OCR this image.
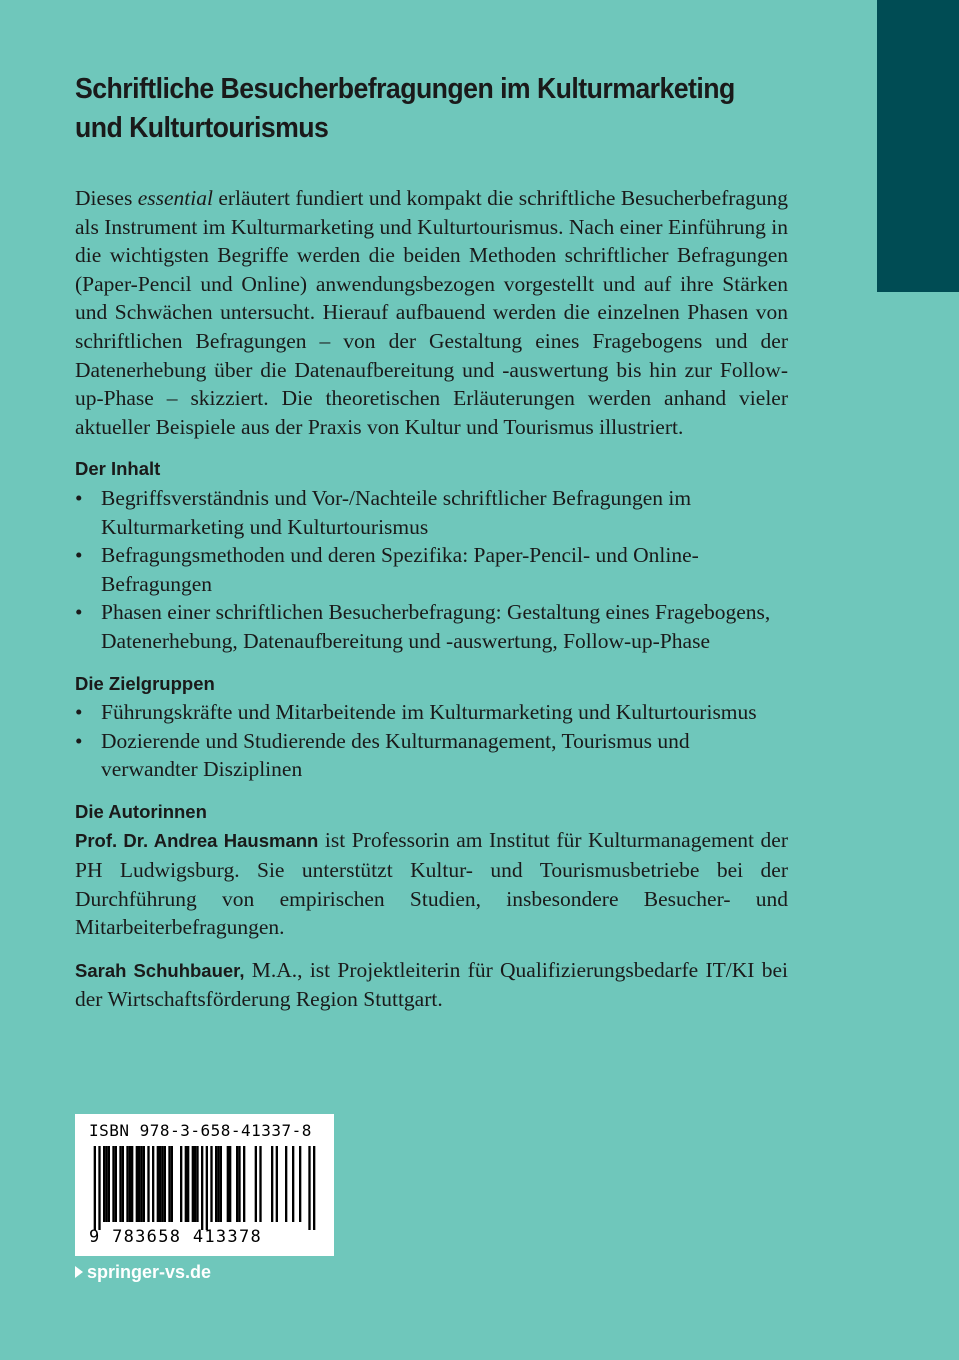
Schriftliche Besucherbefragungen im Kulturmarketing und Kulturtourismus

Dieses essential erläutert fundiert und kompakt die schriftliche Besucherbefragung als Instrument im Kulturmarketing und Kulturtourismus. Nach einer Einführung in die wichtigsten Begriffe werden die beiden Methoden schriftlicher Befragungen (Paper-Pencil und Online) anwendungsbezogen vorgestellt und auf ihre Stärken und Schwächen untersucht. Hierauf aufbauend werden die einzelnen Phasen von schriftlichen Befragungen – von der Gestaltung eines Fragebogens und der Datenerhebung über die Datenaufbereitung und -auswertung bis hin zur Follow-up-Phase – skizziert. Die theoretischen Erläuterungen werden anhand vieler aktueller Beispiele aus der Praxis von Kultur und Tourismus illustriert.

Der Inhalt
• Begriffsverständnis und Vor-/Nachteile schriftlicher Befragungen im Kulturmarketing und Kulturtourismus
• Befragungsmethoden und deren Spezifika: Paper-Pencil- und Online-Befragungen
• Phasen einer schriftlichen Besucherbefragung: Gestaltung eines Fragebogens, Datenerhebung, Datenaufbereitung und -auswertung, Follow-up-Phase
Die Zielgruppen
• Führungskräfte und Mitarbeitende im Kulturmarketing und Kulturtourismus
• Dozierende und Studierende des Kulturmanagement, Tourismus und verwandter Disziplinen
Die Autorinnen

Prof. Dr. Andrea Hausmann ist Professorin am Institut für Kulturmanagement der PH Ludwigsburg. Sie unterstützt Kultur- und Tourismusbetriebe bei der Durchführung von empirischen Studien, insbesondere Besucher- und Mitarbeiterbefragungen.

Sarah Schuhbauer, M.A., ist Projektleiterin für Qualifizierungsbedarfe IT/KI bei der Wirtschaftsförderung Region Stuttgart.

ISBN 978-3-658-41337-8
9 783658 413378
springer-vs.de
